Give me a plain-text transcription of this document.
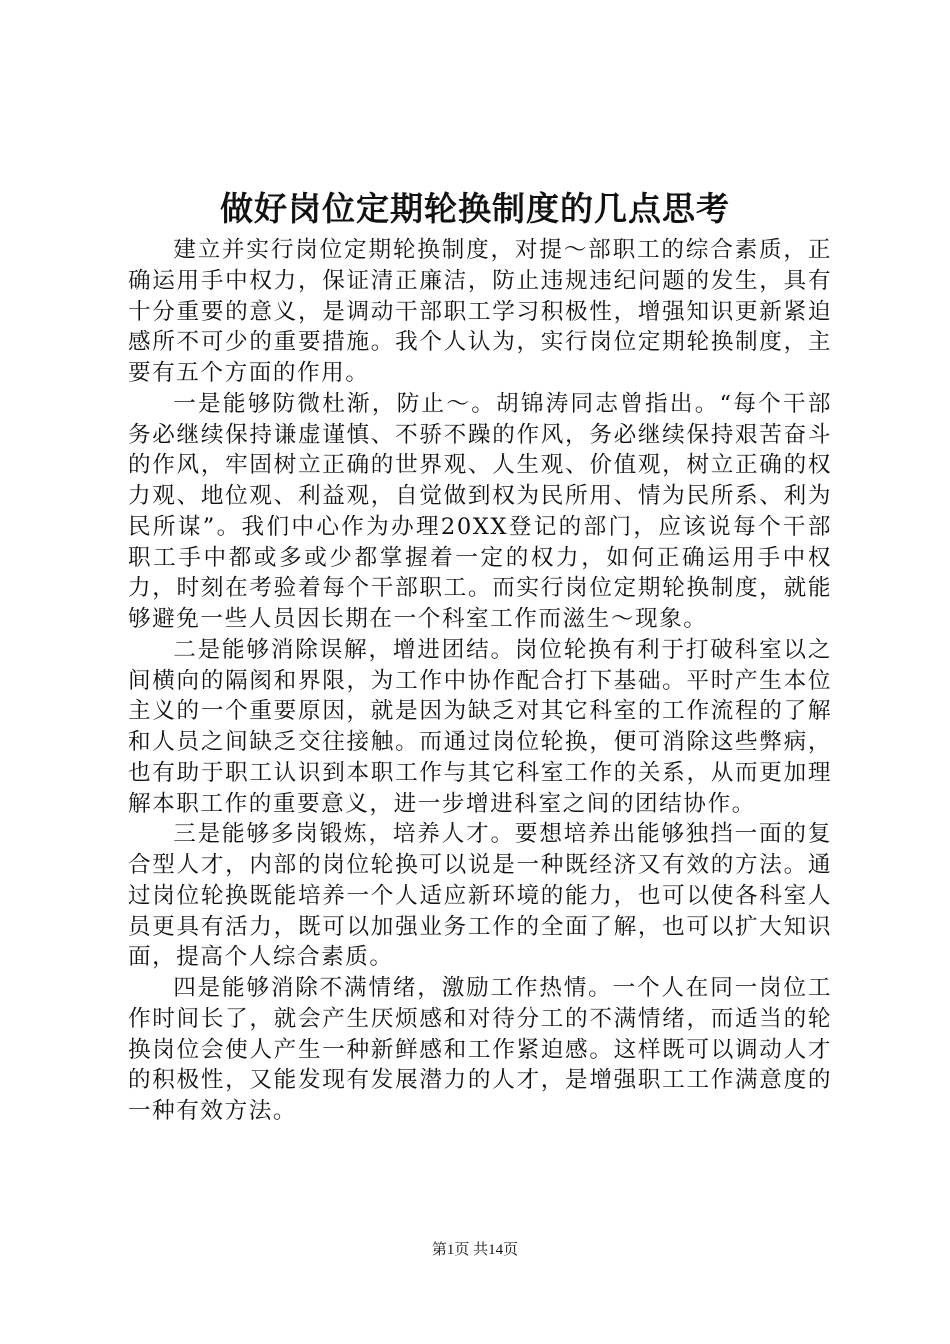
做好岗位定期轮换制度的几点思考

建立并实行岗位定期轮换制度，对提～部职工的综合素质，正确运用手中权力，保证清正廉洁，防止违规违纪问题的发生，具有十分重要的意义，是调动干部职工学习积极性，增强知识更新紧迫感所不可少的重要措施。我个人认为，实行岗位定期轮换制度，主要有五个方面的作用。

一是能够防微杜渐，防止～。胡锦涛同志曾指出。“每个干部务必继续保持谦虚谨慎、不骄不躁的作风，务必继续保持艰苦奋斗的作风，牢固树立正确的世界观、人生观、价值观，树立正确的权力观、地位观、利益观，自觉做到权为民所用、情为民所系、利为民所谋”。我们中心作为办理20XX登记的部门，应该说每个干部职工手中都或多或少都掌握着一定的权力，如何正确运用手中权力，时刻在考验着每个干部职工。而实行岗位定期轮换制度，就能够避免一些人员因长期在一个科室工作而滋生～现象。

二是能够消除误解，增进团结。岗位轮换有利于打破科室以之间横向的隔阂和界限，为工作中协作配合打下基础。平时产生本位主义的一个重要原因，就是因为缺乏对其它科室的工作流程的了解和人员之间缺乏交往接触。而通过岗位轮换，便可消除这些弊病，也有助于职工认识到本职工作与其它科室工作的关系，从而更加理解本职工作的重要意义，进一步增进科室之间的团结协作。

三是能够多岗锻炼，培养人才。要想培养出能够独挡一面的复合型人才，内部的岗位轮换可以说是一种既经济又有效的方法。通过岗位轮换既能培养一个人适应新环境的能力，也可以使各科室人员更具有活力，既可以加强业务工作的全面了解，也可以扩大知识面，提高个人综合素质。

四是能够消除不满情绪，激励工作热情。一个人在同一岗位工作时间长了，就会产生厌烦感和对待分工的不满情绪，而适当的轮换岗位会使人产生一种新鲜感和工作紧迫感。这样既可以调动人才的积极性，又能发现有发展潜力的人才，是增强职工工作满意度的一种有效方法。

第1页 共14页
